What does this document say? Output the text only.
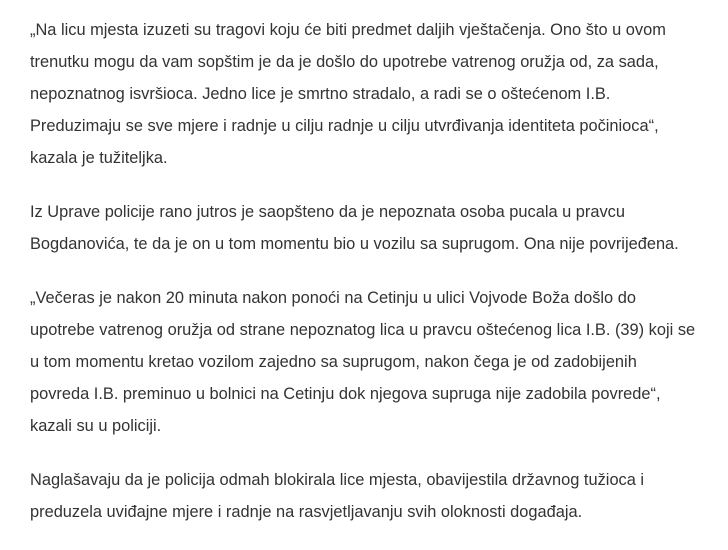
„Na licu mjesta izuzeti su tragovi koju će biti predmet daljih vještačenja. Ono što u ovom
trenutku mogu da vam sopštim je da je došlo do upotrebe vatrenog oružja od, za sada,
nepoznatnog isvršioca. Jedno lice je smrtno stradalo, a radi se o oštećenom I.B.
Preduzimaju se sve mjere i radnje u cilju radnje u cilju utvrđivanja identiteta počinioca“,
kazala je tužiteljka.

Iz Uprave policije rano jutros je saopšteno da je nepoznata osoba pucala u pravcu
Bogdanovića, te da je on u tom momentu bio u vozilu sa suprugom. Ona nije povrijeđena.

„Večeras je nakon 20 minuta nakon ponoći na Cetinju u ulici Vojvode Boža došlo do
upotrebe vatrenog oružja od strane nepoznatog lica u pravcu oštećenog lica I.B. (39) koji se
u tom momentu kretao vozilom zajedno sa suprugom, nakon čega je od zadobijenih
povreda I.B. preminuo u bolnici na Cetinju dok njegova supruga nije zadobila povrede“,
kazali su u policiji.

Naglašavaju da je policija odmah blokirala lice mjesta, obavijestila državnog tužioca i
preduzela uviđajne mjere i radnje na rasvjetljavanju svih oloknosti događaja.
